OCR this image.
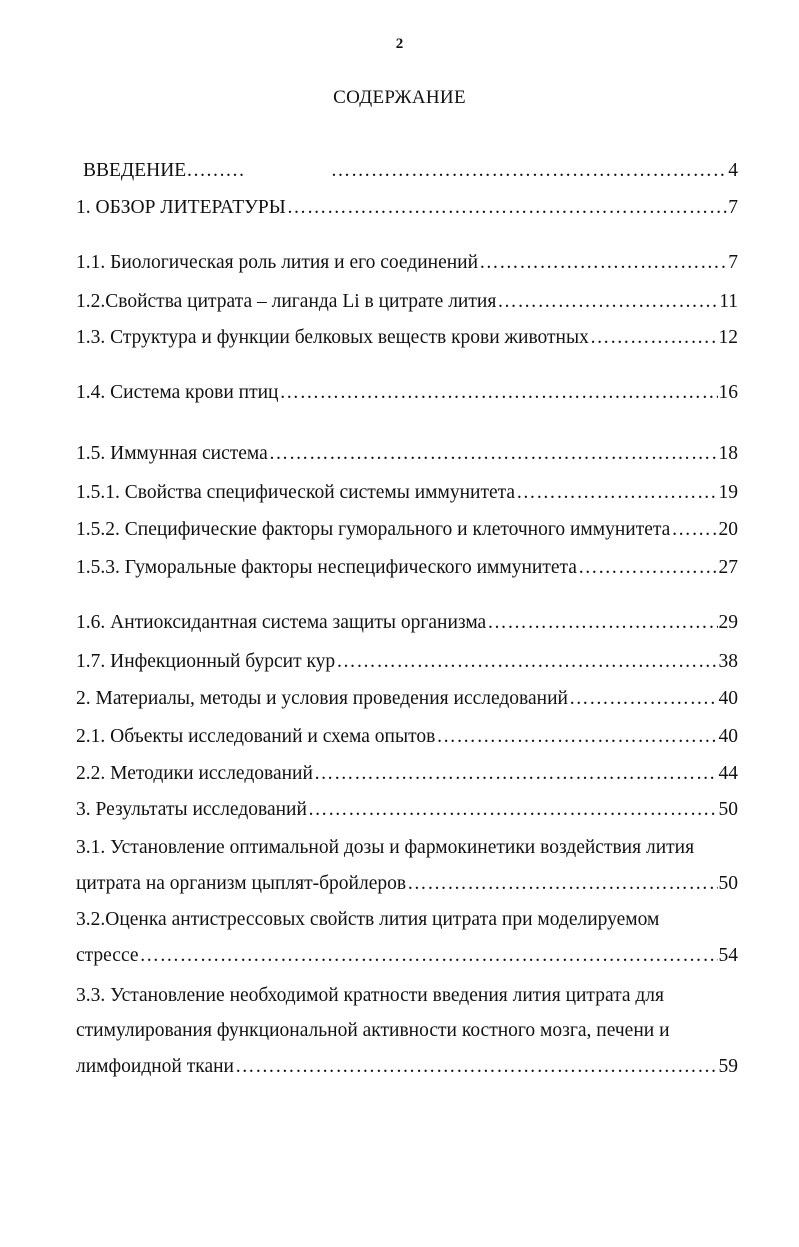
2
СОДЕРЖАНИЕ
ВВЕДЕНИЕ……… ……………………………………………………………………………………………………………………………………………………………………………	4
1. ОБЗОР ЛИТЕРАТУРЫ ……………………………………………………………………………………………………………………………………………………………………………	7
1.1. Биологическая роль лития и его соединений ……………………………………………………………………………………………………………………………………………………………………………	7
1.2.Свойства цитрата – лиганда Li в цитрате лития ……………………………………………………………………………………………………………………………………………………………………………	11
1.3. Структура и функции белковых веществ крови животных ……………………………………………………………………………………………………………………………………………………………………………	12
1.4. Система крови птиц ……………………………………………………………………………………………………………………………………………………………………………	16
1.5. Иммунная система ……………………………………………………………………………………………………………………………………………………………………………	18
1.5.1. Свойства специфической системы иммунитета ……………………………………………………………………………………………………………………………………………………………………………	19
1.5.2. Специфические факторы гуморального и клеточного иммунитета …………………………………………………………………………………………………………………………………………………………………………… 20
1.5.3. Гуморальные факторы неспецифического иммунитета ……………………………………………………………………………………………………………………………………………………………………………	27
1.6. Антиоксидантная система защиты организма ……………………………………………………………………………………………………………………………………………………………………………	29
1.7. Инфекционный бурсит кур ……………………………………………………………………………………………………………………………………………………………………………	38
2. Материалы, методы и условия проведения исследований ……………………………………………………………………………………………………………………………………………………………………………	40
2.1. Объекты исследований и схема опытов ……………………………………………………………………………………………………………………………………………………………………………	40
2.2. Методики исследований ……………………………………………………………………………………………………………………………………………………………………………	44
3. Результаты исследований ……………………………………………………………………………………………………………………………………………………………………………	50
3.1. Установление оптимальной дозы и фармокинетики воздействия лития
цитрата на организм цыплят-бройлеров ……………………………………………………………………………………………………………………………………………………………………………	50
3.2.Оценка антистрессовых свойств лития цитрата при моделируемом
стрессе ……………………………………………………………………………………………………………………………………………………………………………	54
3.3. Установление необходимой кратности введения лития цитрата для
стимулирования функциональной активности костного мозга, печени и
лимфоидной ткани ……………………………………………………………………………………………………………………………………………………………………………	59
